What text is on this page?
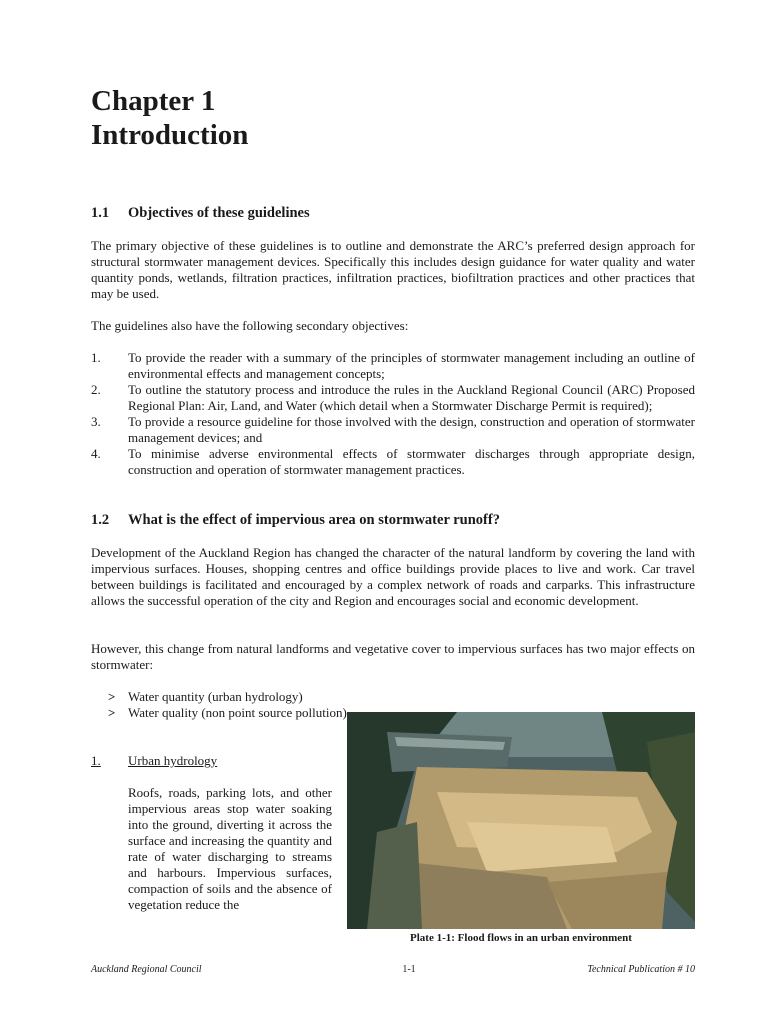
Chapter 1
Introduction
1.1 Objectives of these guidelines

The primary objective of these guidelines is to outline and demonstrate the ARC’s preferred design approach for structural stormwater management devices. Specifically this includes design guidance for water quality and water quantity ponds, wetlands, filtration practices, infiltration practices, biofiltration practices and other practices that may be used.

The guidelines also have the following secondary objectives:

1.	To provide the reader with a summary of the principles of stormwater management including an outline of environmental effects and management concepts;
2.	To outline the statutory process and introduce the rules in the Auckland Regional Council (ARC) Proposed Regional Plan: Air, Land, and Water (which detail when a Stormwater Discharge Permit is required);
3.	To provide a resource guideline for those involved with the design, construction and operation of stormwater management devices; and
4.	To minimise adverse environmental effects of stormwater discharges through appropriate design, construction and operation of stormwater management practices.
1.2 What is the effect of impervious area on stormwater runoff?

Development of the Auckland Region has changed the character of the natural landform by covering the land with impervious surfaces. Houses, shopping centres and office buildings provide places to live and work. Car travel between buildings is facilitated and encouraged by a complex network of roads and carparks. This infrastructure allows the successful operation of the city and Region and encourages social and economic development.

However, this change from natural landforms and vegetative cover to impervious surfaces has two major effects on stormwater:

> Water quantity (urban hydrology)
> Water quality (non point source pollution)
1.	Urban hydrology

Roofs, roads, parking lots, and other impervious areas stop water soaking into the ground, diverting it across the surface and increasing the quantity and rate of water discharging to streams and harbours. Impervious surfaces, compaction of soils and the absence of vegetation reduce the

Plate 1-1: Flood flows in an urban environment

Auckland Regional Council	1-1	Technical Publication # 10
